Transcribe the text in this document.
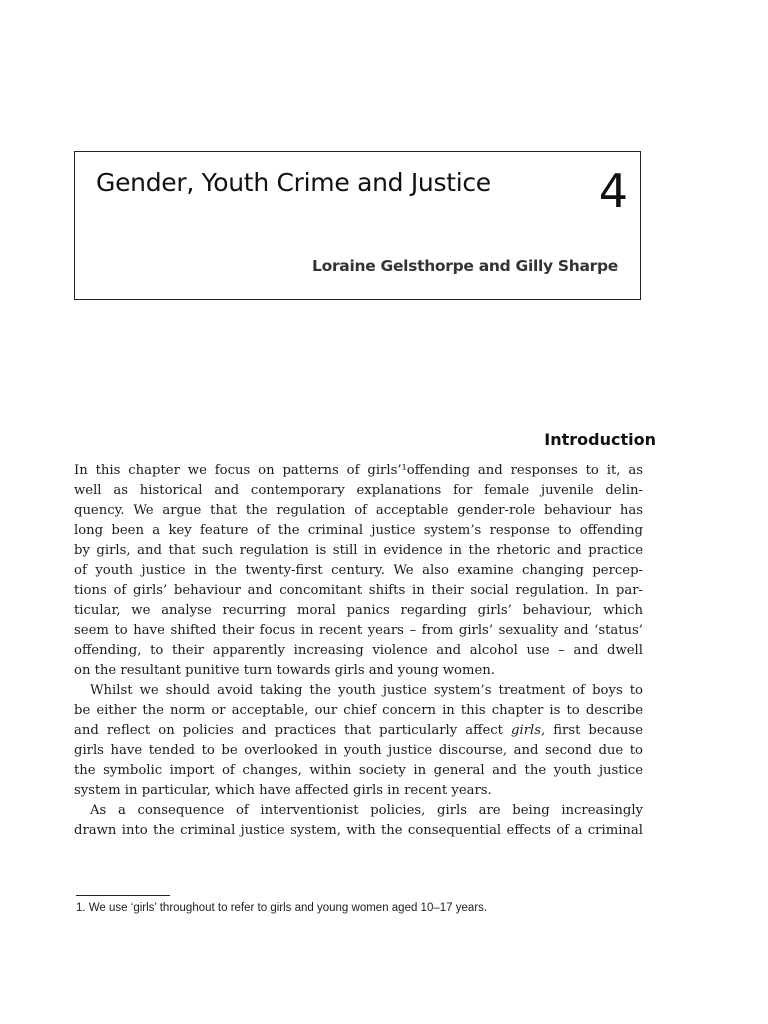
Gender, Youth Crime and Justice 4
Loraine Gelsthorpe and Gilly Sharpe
Introduction
In this chapter we focus on patterns of girls’¹offending and responses to it, as
well as historical and contemporary explanations for female juvenile delin-
quency. We argue that the regulation of acceptable gender-role behaviour has
long been a key feature of the criminal justice system’s response to offending
by girls, and that such regulation is still in evidence in the rhetoric and practice
of youth justice in the twenty-first century. We also examine changing percep-
tions of girls’ behaviour and concomitant shifts in their social regulation. In par-
ticular, we analyse recurring moral panics regarding girls’ behaviour, which
seem to have shifted their focus in recent years – from girls’ sexuality and ‘status’
offending, to their apparently increasing violence and alcohol use – and dwell
on the resultant punitive turn towards girls and young women.
Whilst we should avoid taking the youth justice system’s treatment of boys to
be either the norm or acceptable, our chief concern in this chapter is to describe
and reflect on policies and practices that particularly affect girls, first because
girls have tended to be overlooked in youth justice discourse, and second due to
the symbolic import of changes, within society in general and the youth justice
system in particular, which have affected girls in recent years.
As a consequence of interventionist policies, girls are being increasingly
drawn into the criminal justice system, with the consequential effects of a criminal
1. We use ‘girls’ throughout to refer to girls and young women aged 10–17 years.
